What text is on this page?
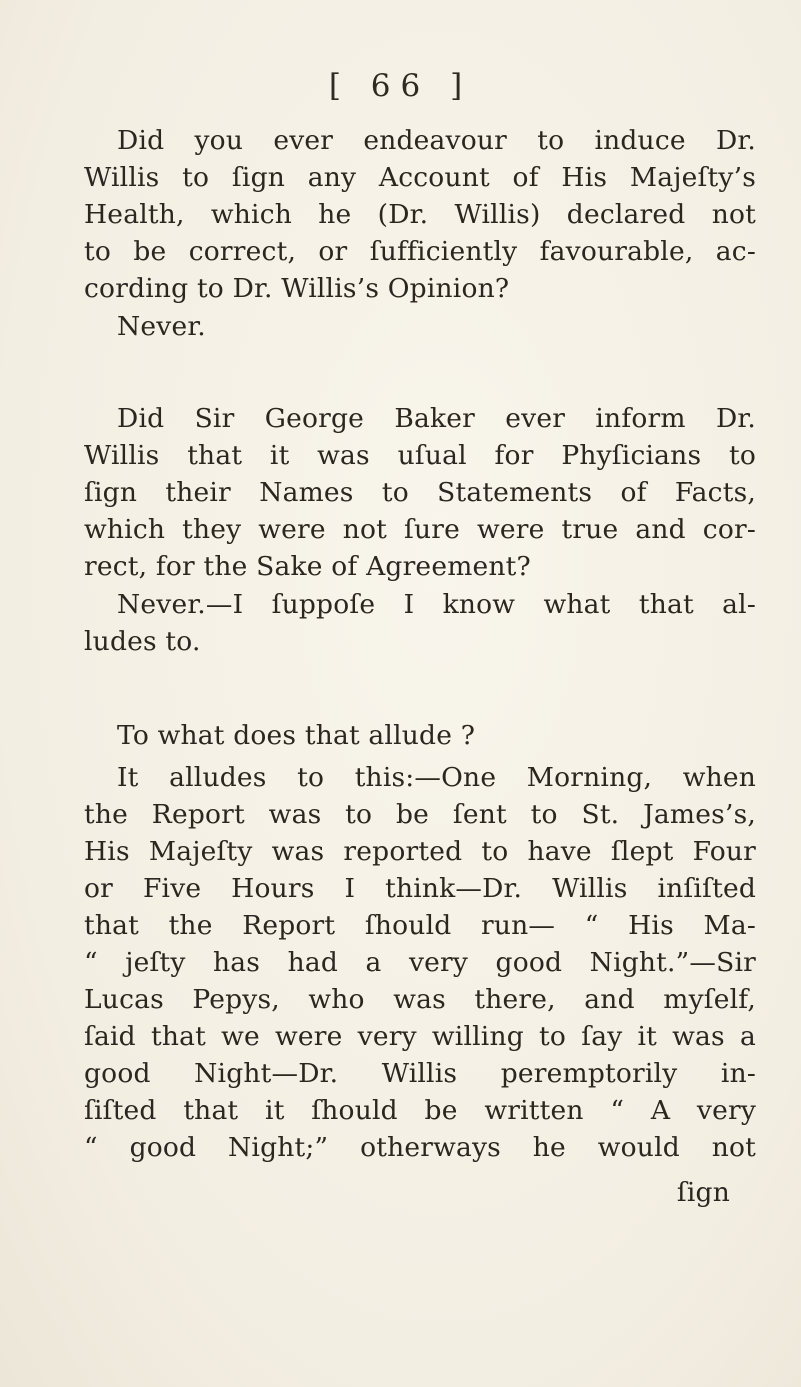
[ 66 ]
Did you ever endeavour to induce Dr.
Willis to ſign any Account of His Majeſty’s
Health, which he (Dr. Willis) declared not
to be correct, or ſufficiently favourable, ac-
cording to Dr. Willis’s Opinion?
Never.
Did Sir George Baker ever inform Dr.
Willis that it was uſual for Phyſicians to
ſign their Names to Statements of Facts,
which they were not ſure were true and cor-
rect, for the Sake of Agreement?
Never.—I ſuppoſe I know what that al-
ludes to.
To what does that allude ?
It alludes to this:—One Morning, when
the Report was to be ſent to St. James’s,
His Majeſty was reported to have ſlept Four
or Five Hours I think—Dr. Willis inſiſted
that the Report ſhould run— “ His Ma-
“ jeſty has had a very good Night.”—Sir
Lucas Pepys, who was there, and myſelf,
ſaid that we were very willing to ſay it was a
good Night—Dr. Willis peremptorily in-
ſiſted that it ſhould be written “ A very
“ good Night;” otherways he would not
ſign
